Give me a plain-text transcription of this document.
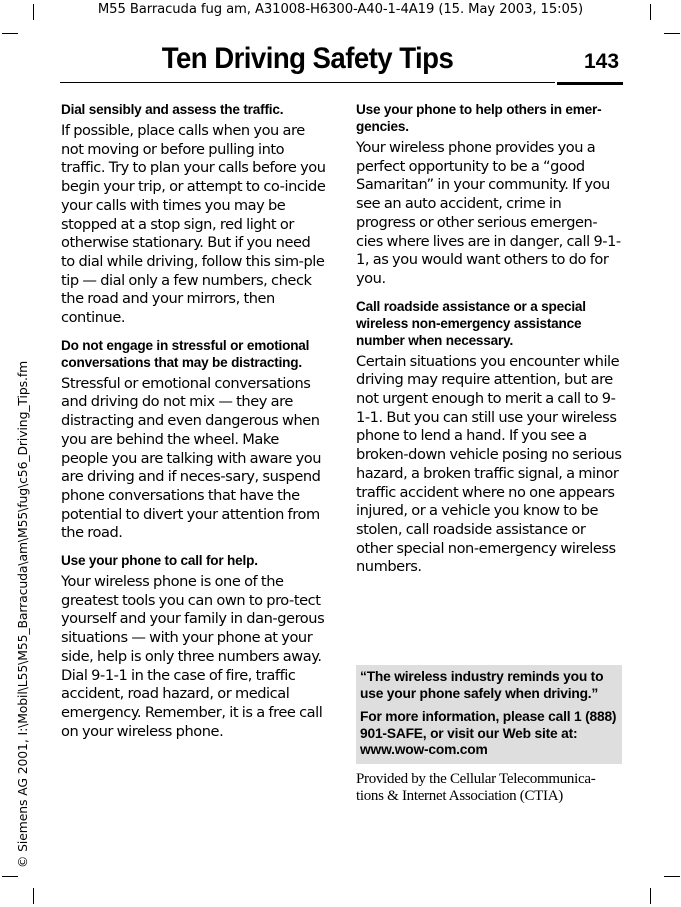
M55 Barracuda fug am, A31008-H6300-A40-1-4A19 (15. May 2003, 15:05)
Ten Driving Safety Tips	143
© Siemens AG 2001, I:\Mobil\L55\M55_Barracuda\am\M55\fug\c56_Driving_Tips.fm
Dial sensibly and assess the traffic.

If possible, place calls when you are not moving or before pulling into traffic. Try to plan your calls before you begin your trip, or attempt to co-incide your calls with times you may be stopped at a stop sign, red light or otherwise stationary. But if you need to dial while driving, follow this sim-ple tip — dial only a few numbers, check the road and your mirrors, then continue.

Do not engage in stressful or emotional conversations that may be distracting.

Stressful or emotional conversations and driving do not mix — they are distracting and even dangerous when you are behind the wheel. Make people you are talking with aware you are driving and if neces-sary, suspend phone conversations that have the potential to divert your attention from the road.

Use your phone to call for help.

Your wireless phone is one of the greatest tools you can own to pro-tect yourself and your family in dan-gerous situations — with your phone at your side, help is only three numbers away. Dial 9-1-1 in the case of fire, traffic accident, road hazard, or medical emergency. Remember, it is a free call on your wireless phone.

Use your phone to help others in emer-gencies.

Your wireless phone provides you a perfect opportunity to be a “good Samaritan” in your community. If you see an auto accident, crime in progress or other serious emergen-cies where lives are in danger, call 9-1-1, as you would want others to do for you.

Call roadside assistance or a special wireless non-emergency assistance number when necessary.

Certain situations you encounter while driving may require attention, but are not urgent enough to merit a call to 9-1-1. But you can still use your wireless phone to lend a hand. If you see a broken-down vehicle posing no serious hazard, a broken traffic signal, a minor traffic accident where no one appears injured, or a vehicle you know to be stolen, call roadside assistance or other special non-emergency wireless numbers.

“The wireless industry reminds you to use your phone safely when driving.”

For more information, please call 1 (888) 901-SAFE, or visit our Web site at: www.wow-com.com

Provided by the Cellular Telecommunica-tions & Internet Association (CTIA)
